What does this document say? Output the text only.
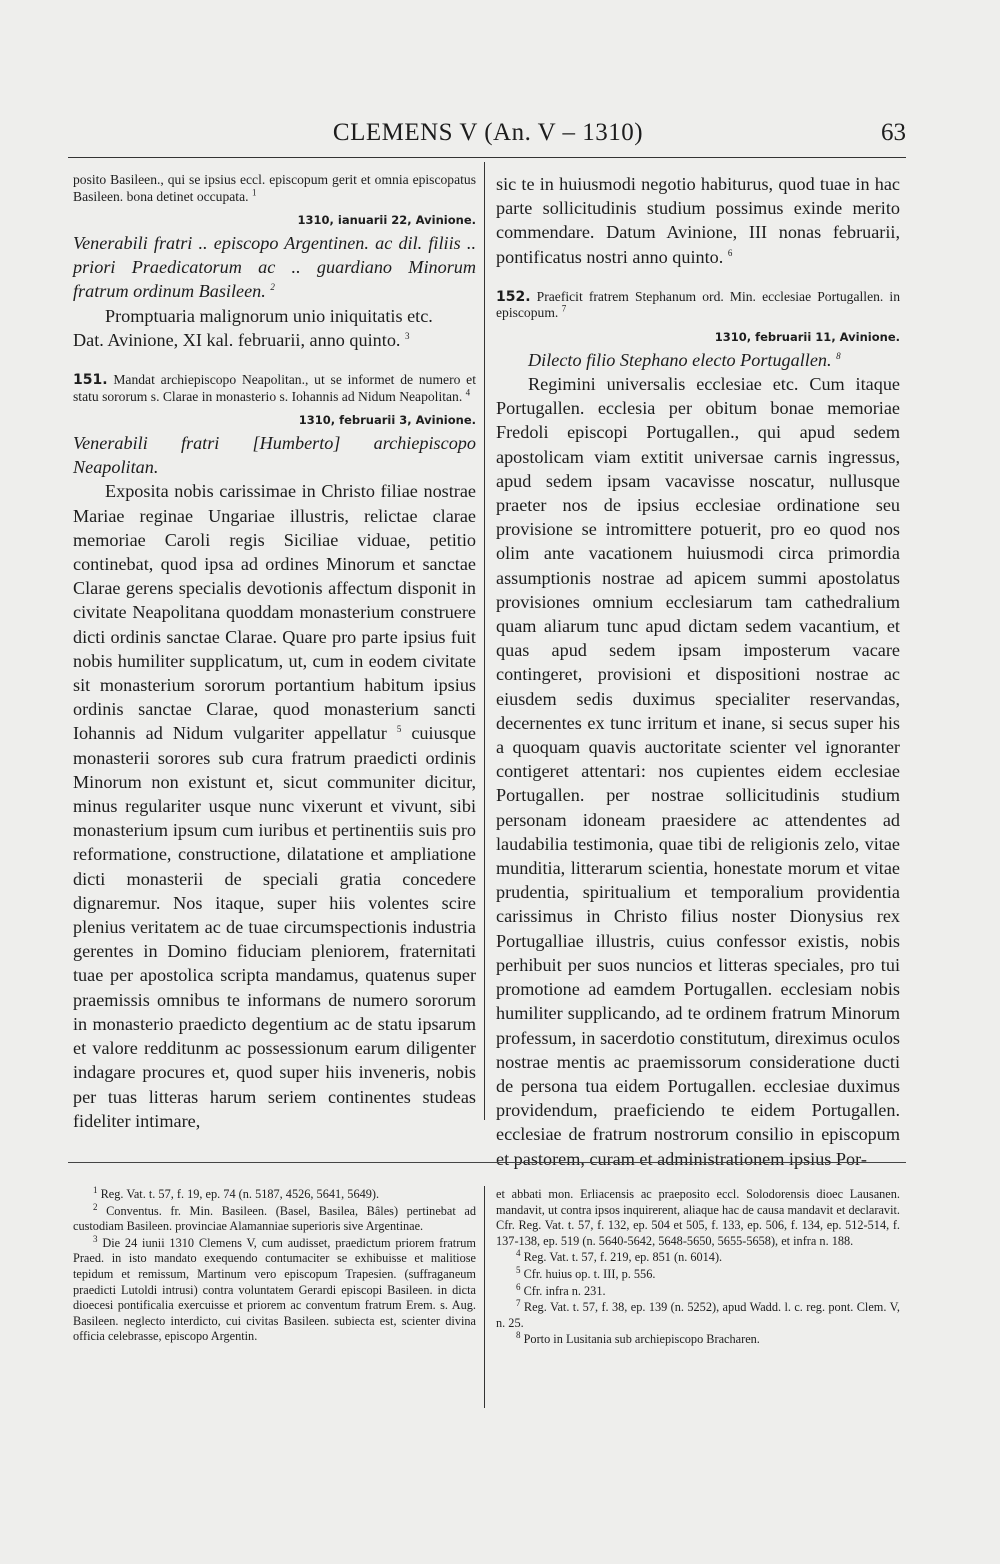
CLEMENS V (An. V – 1310)	63

posito Basileen., qui se ipsius eccl. episcopum gerit et omnia episcopatus Basileen. bona detinet occupata. $^1$

1310, ianuarii 22, Avinione.

Venerabili fratri .. episcopo Argentinen. ac dil. filiis .. priori Praedicatorum ac .. guardiano Minorum fratrum ordinum Basileen. $^2$

Promptuaria malignorum unio iniquitatis etc.

Dat. Avinione, XI kal. februarii, anno quinto. $^3$

151. Mandat archiepiscopo Neapolitan., ut se informet de numero et statu sororum s. Clarae in monasterio s. Iohannis ad Nidum Neapolitan. $^4$

1310, februarii 3, Avinione.

Venerabili fratri [Humberto] archiepiscopo Neapolitan.

Exposita nobis carissimae in Christo filiae nostrae Mariae reginae Ungariae illustris, relictae clarae memoriae Caroli regis Siciliae viduae, petitio continebat, quod ipsa ad ordines Minorum et sanctae Clarae gerens specialis devotionis affectum disponit in civitate Neapolitana quoddam monasterium construere dicti ordinis sanctae Clarae. Quare pro parte ipsius fuit nobis humiliter supplicatum, ut, cum in eodem civitate sit monasterium sororum portantium habitum ipsius ordinis sanctae Clarae, quod monasterium sancti Iohannis ad Nidum vulgariter appellatur $^5$ cuiusque monasterii sorores sub cura fratrum praedicti ordinis Minorum non existunt et, sicut communiter dicitur, minus regulariter usque nunc vixerunt et vivunt, sibi monasterium ipsum cum iuribus et pertinentiis suis pro reformatione, constructione, dilatatione et ampliatione dicti monasterii de speciali gratia concedere dignaremur. Nos itaque, super hiis volentes scire plenius veritatem ac de tuae circumspectionis industria gerentes in Domino fiduciam pleniorem, fraternitati tuae per apostolica scripta mandamus, quatenus super praemissis omnibus te informans de numero sororum in monasterio praedicto degentium ac de statu ipsarum et valore redditunm ac possessionum earum diligenter indagare procures et, quod super hiis inveneris, nobis per tuas litteras harum seriem continentes studeas fideliter intimare,

sic te in huiusmodi negotio habiturus, quod tuae in hac parte sollicitudinis studium possimus exinde merito commendare. Datum Avinione, III nonas februarii, pontificatus nostri anno quinto. $^6$

152. Praeficit fratrem Stephanum ord. Min. ecclesiae Portugallen. in episcopum. $^7$

1310, februarii 11, Avinione.

Dilecto filio Stephano electo Portugallen. $^8$

Regimini universalis ecclesiae etc. Cum itaque Portugallen. ecclesia per obitum bonae memoriae Fredoli episcopi Portugallen., qui apud sedem apostolicam viam extitit universae carnis ingressus, apud sedem ipsam vacavisse noscatur, nullusque praeter nos de ipsius ecclesiae ordinatione seu provisione se intromittere potuerit, pro eo quod nos olim ante vacationem huiusmodi circa primordia assumptionis nostrae ad apicem summi apostolatus provisiones omnium ecclesiarum tam cathedralium quam aliarum tunc apud dictam sedem vacantium, et quas apud sedem ipsam imposterum vacare contingeret, provisioni et dispositioni nostrae ac eiusdem sedis duximus specialiter reservandas, decernentes ex tunc irritum et inane, si secus super his a quoquam quavis auctoritate scienter vel ignoranter contigeret attentari: nos cupientes eidem ecclesiae Portugallen. per nostrae sollicitudinis studium personam idoneam praesidere ac attendentes ad laudabilia testimonia, quae tibi de religionis zelo, vitae munditia, litterarum scientia, honestate morum et vitae prudentia, spiritualium et temporalium providentia carissimus in Christo filius noster Dionysius rex Portugalliae illustris, cuius confessor existis, nobis perhibuit per suos nuncios et litteras speciales, pro tui promotione ad eamdem Portugallen. ecclesiam nobis humiliter supplicando, ad te ordinem fratrum Minorum professum, in sacerdotio constitutum, direximus oculos nostrae mentis ac praemissorum consideratione ducti de persona tua eidem Portugallen. ecclesiae duximus providendum, praeficiendo te eidem Portugallen. ecclesiae de fratrum nostrorum consilio in episcopum et pastorem, curam et administrationem ipsius Por-

$^1$ Reg. Vat. t. 57, f. 19, ep. 74 (n. 5187, 4526, 5641, 5649).

$^2$ Conventus. fr. Min. Basileen. (Basel, Basilea, Bâles) pertinebat ad custodiam Basileen. provinciae Alamanniae superioris sive Argentinae.

$^3$ Die 24 iunii 1310 Clemens V, cum audisset, praedictum priorem fratrum Praed. in isto mandato exequendo contumaciter se exhibuisse et malitiose tepidum et remissum, Martinum vero episcopum Trapesien. (suffraganeum praedicti Lutoldi intrusi) contra voluntatem Gerardi episcopi Basileen. in dicta dioecesi pontificalia exercuisse et priorem ac conventum fratrum Erem. s. Aug. Basileen. neglecto interdicto, cui civitas Basileen. subiecta est, scienter divina officia celebrasse, episcopo Argentin.

et abbati mon. Erliacensis ac praeposito eccl. Solodorensis dioec Lausanen. mandavit, ut contra ipsos inquirerent, aliaque hac de causa mandavit et declaravit. Cfr. Reg. Vat. t. 57, f. 132, ep. 504 et 505, f. 133, ep. 506, f. 134, ep. 512-514, f. 137-138, ep. 519 (n. 5640-5642, 5648-5650, 5655-5658), et infra n. 188.

$^4$ Reg. Vat. t. 57, f. 219, ep. 851 (n. 6014).

$^5$ Cfr. huius op. t. III, p. 556.

$^6$ Cfr. infra n. 231.

$^7$ Reg. Vat. t. 57, f. 38, ep. 139 (n. 5252), apud Wadd. l. c. reg. pont. Clem. V, n. 25.

$^8$ Porto in Lusitania sub archiepiscopo Bracharen.
